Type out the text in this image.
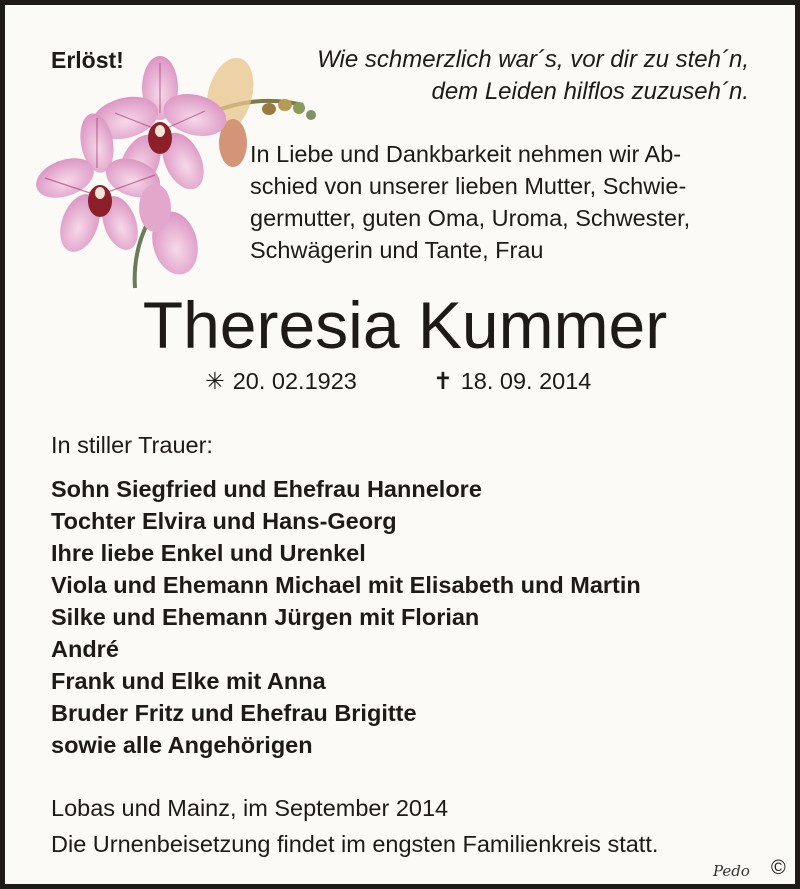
Erlöst!	Wie schmerzlich war´s, vor dir zu steh´n,
dem Leiden hilflos zuzuseh´n.
In Liebe und Dankbarkeit nehmen wir Ab-
schied von unserer lieben Mutter, Schwie-
germutter, guten Oma, Uroma, Schwester,
Schwägerin und Tante, Frau
Theresia Kummer
✳ 20. 02.1923	✝ 18. 09. 2014
In stiller Trauer:
Sohn Siegfried und Ehefrau Hannelore
Tochter Elvira und Hans-Georg
Ihre liebe Enkel und Urenkel
Viola und Ehemann Michael mit Elisabeth und Martin
Silke und Ehemann Jürgen mit Florian
André
Frank und Elke mit Anna
Bruder Fritz und Ehefrau Brigitte
sowie alle Angehörigen
Lobas und Mainz, im September 2014
Die Urnenbeisetzung findet im engsten Familienkreis statt.
Pedo ©
